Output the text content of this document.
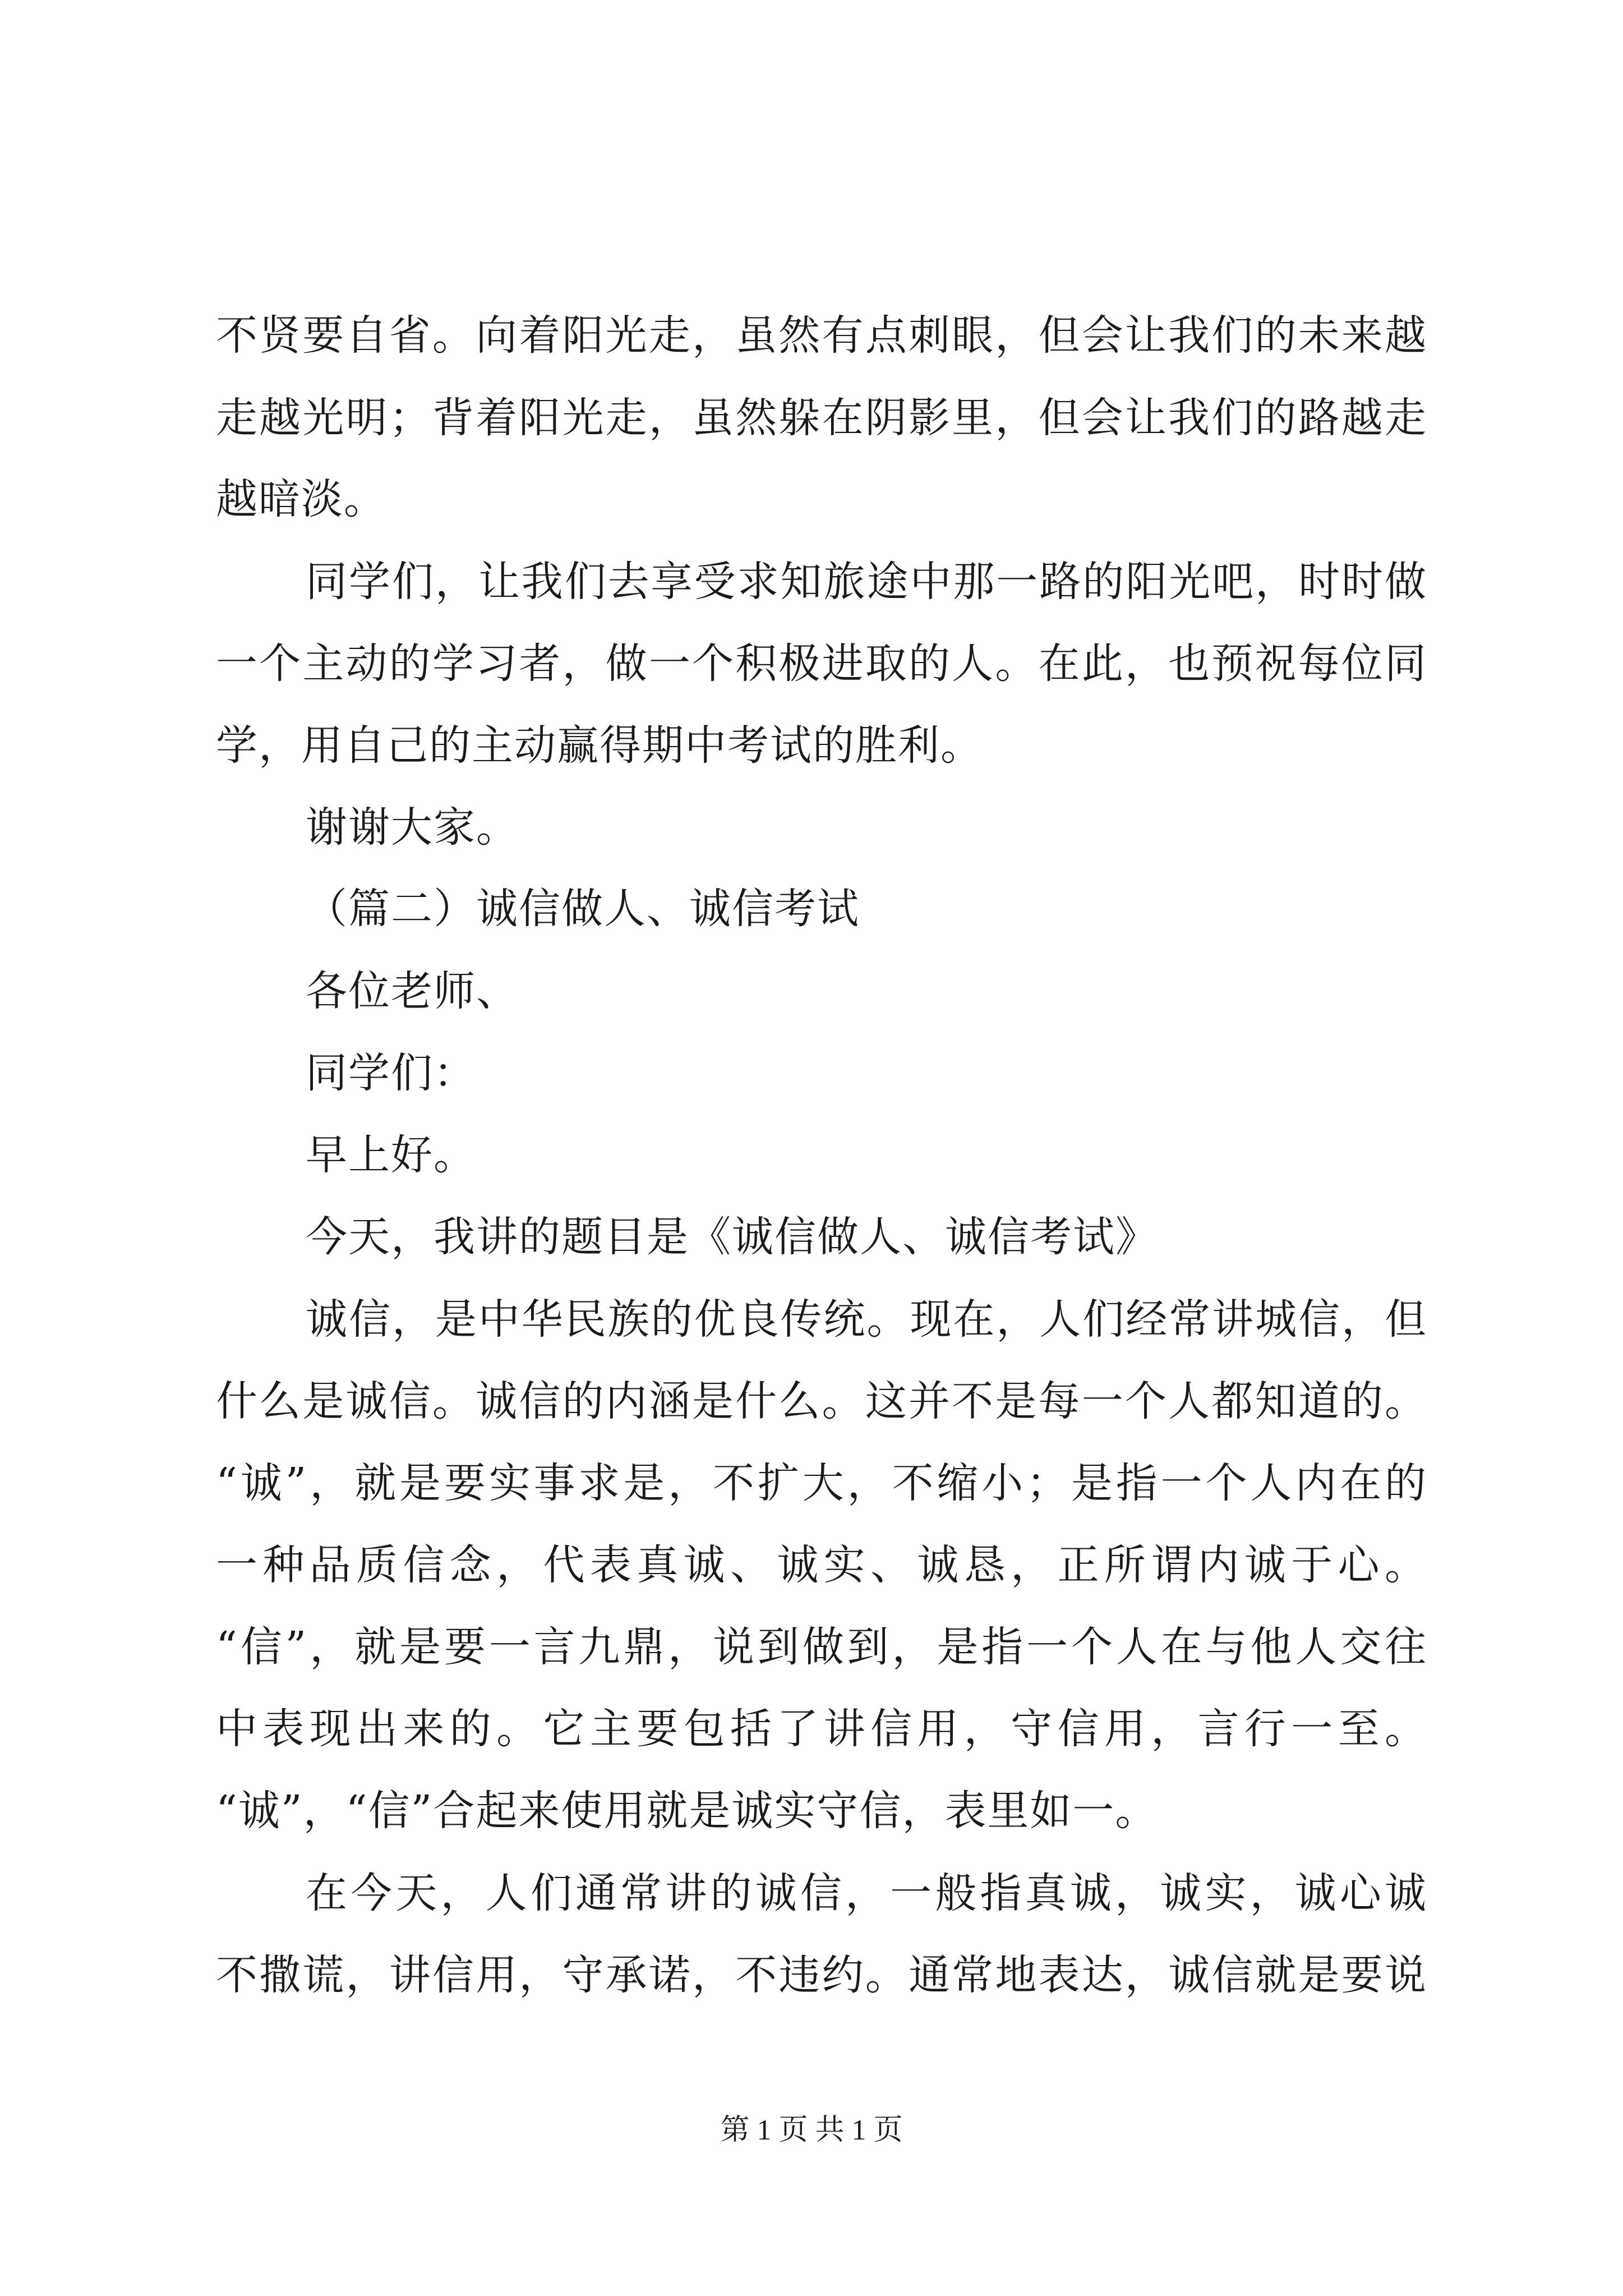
不贤要自省。向着阳光走，虽然有点刺眼，但会让我们的未来越
走越光明；背着阳光走，虽然躲在阴影里，但会让我们的路越走
越暗淡。
同学们，让我们去享受求知旅途中那一路的阳光吧，时时做
一个主动的学习者，做一个积极进取的人。在此，也预祝每位同
学，用自己的主动赢得期中考试的胜利。
谢谢大家。
（篇二）诚信做人、诚信考试
各位老师、
同学们：
早上好。
今天，我讲的题目是《诚信做人、诚信考试》
诚信，是中华民族的优良传统。现在，人们经常讲城信，但
什么是诚信。诚信的内涵是什么。这并不是每一个人都知道的。
“诚”，就是要实事求是，不扩大，不缩小；是指一个人内在的
一种品质信念，代表真诚、诚实、诚恳，正所谓内诚于心。
“信”，就是要一言九鼎，说到做到，是指一个人在与他人交往
中表现出来的。它主要包括了讲信用，守信用，言行一至。
“诚”，“信”合起来使用就是诚实守信，表里如一。
在今天，人们通常讲的诚信，一般指真诚，诚实，诚心诚
不撒谎，讲信用，守承诺，不违约。通常地表达，诚信就是要说
第 1 页 共 1 页
